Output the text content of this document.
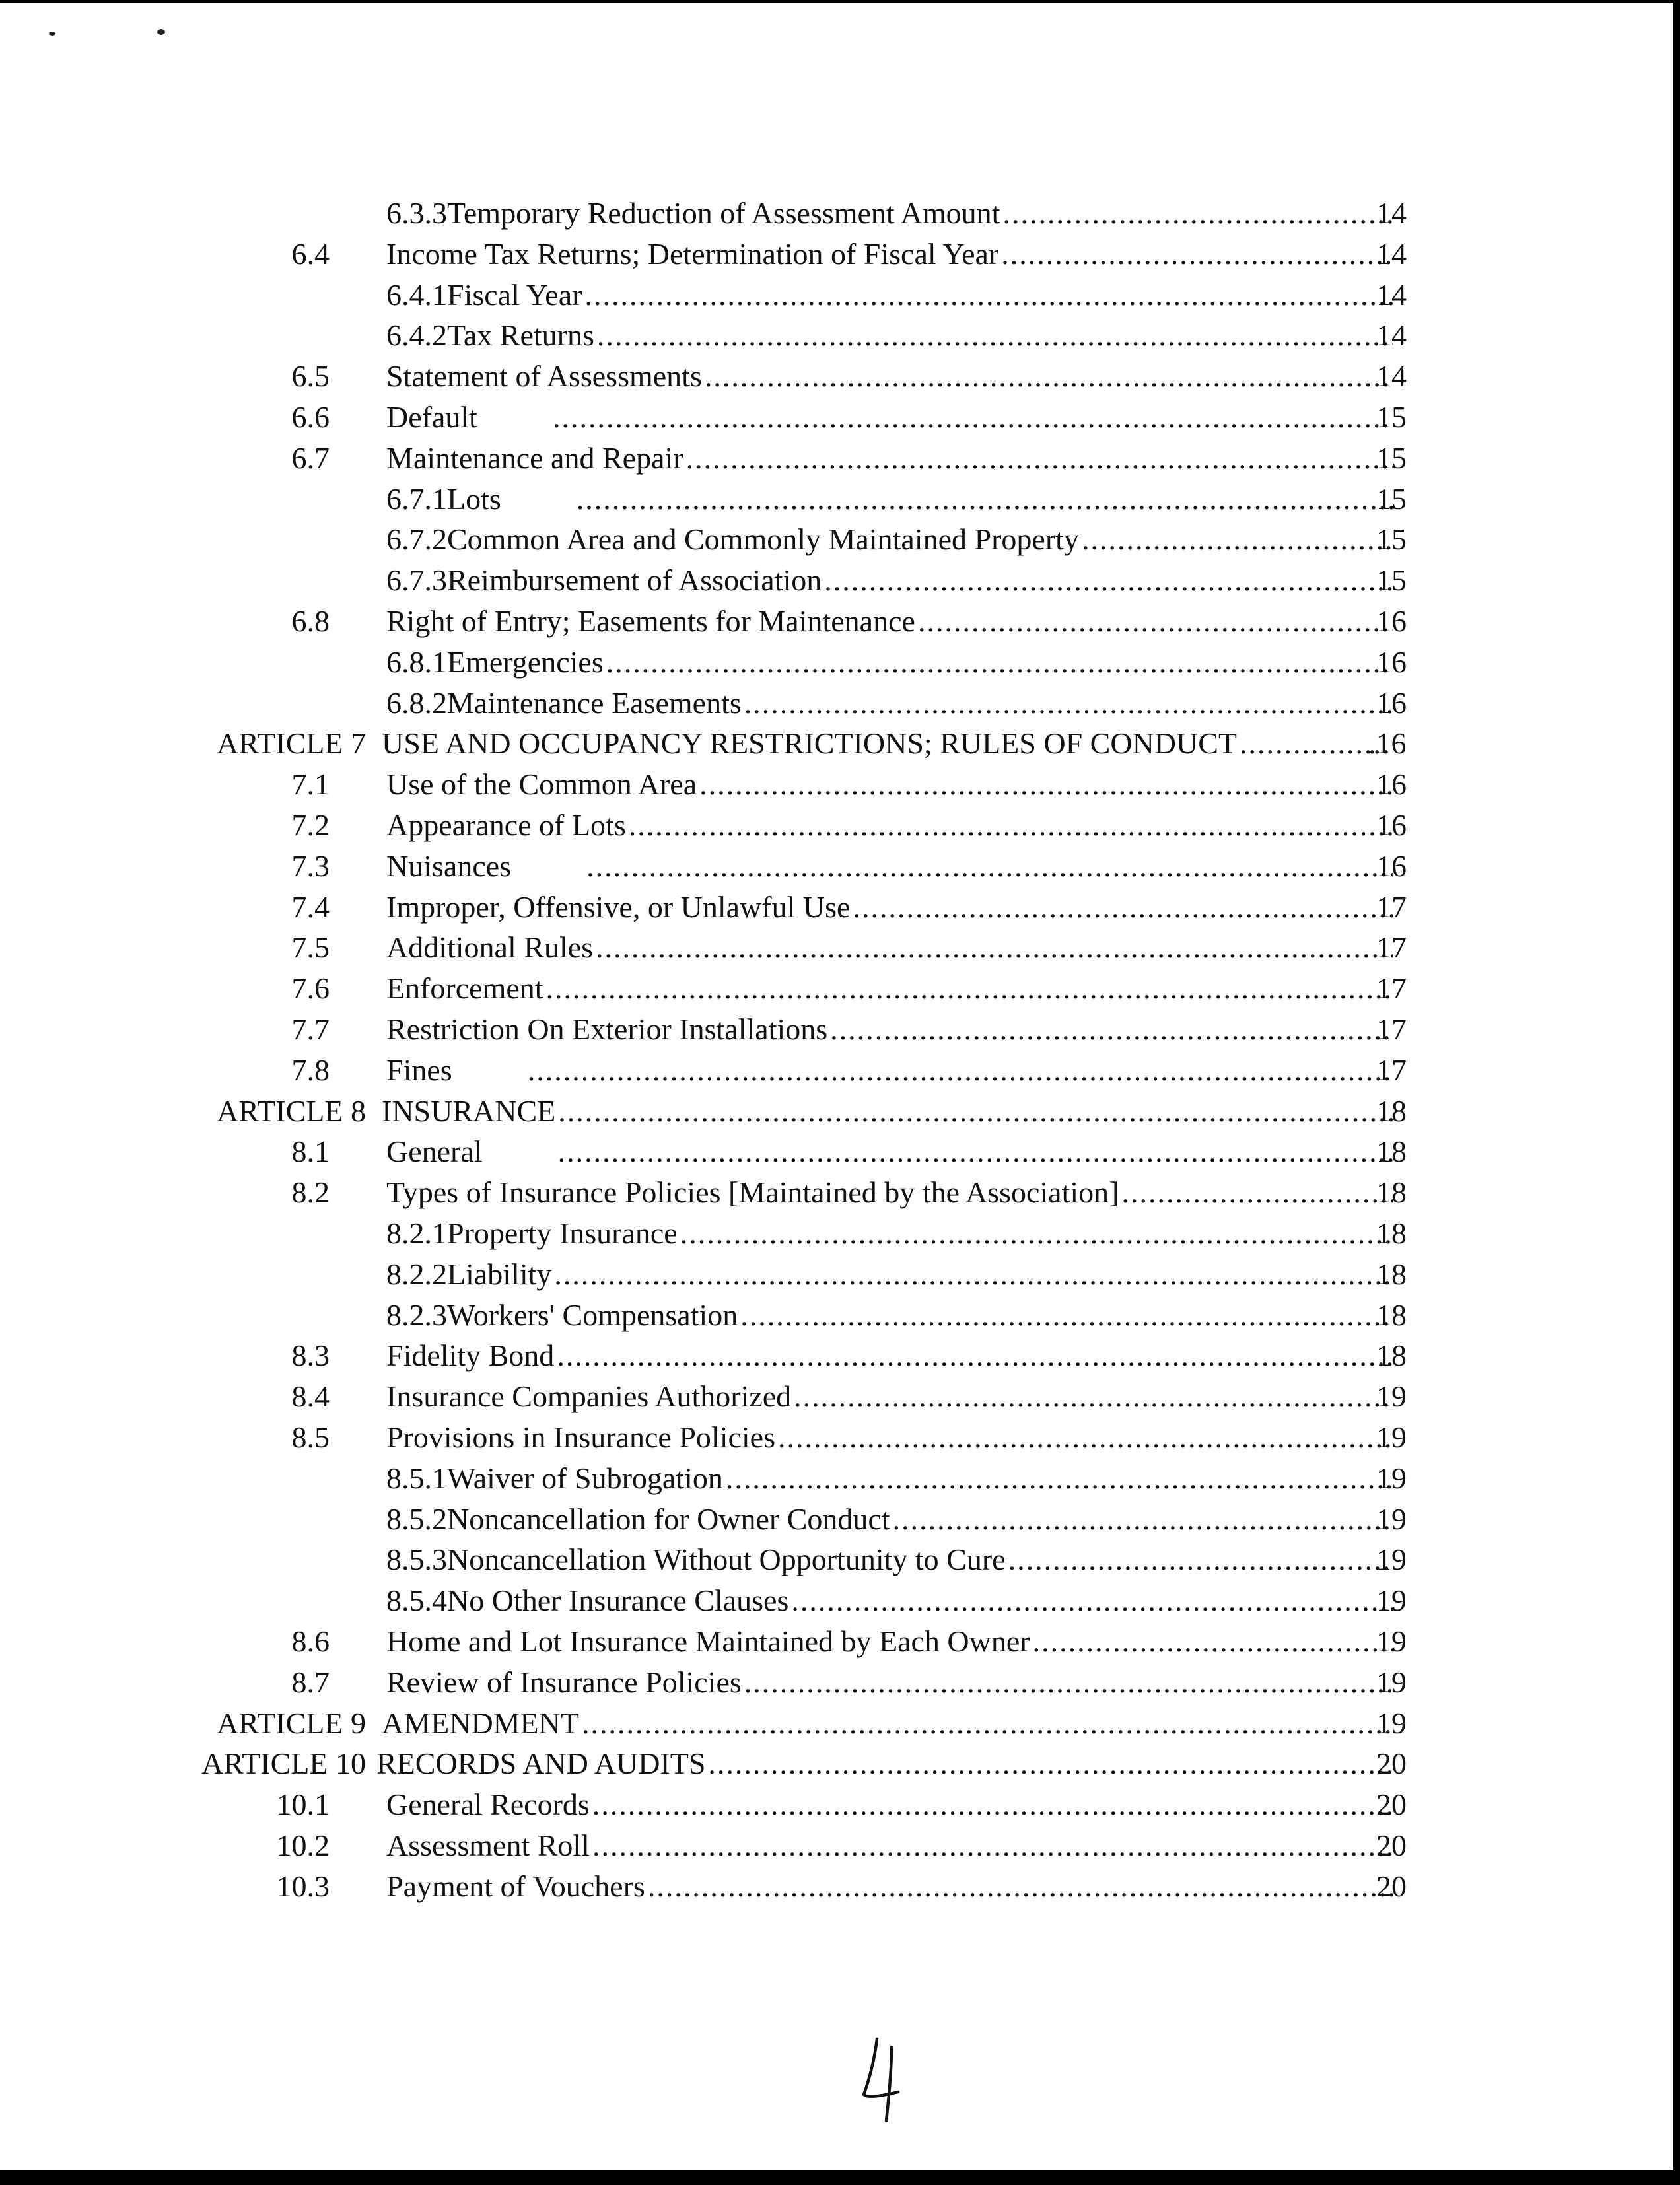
6.3.3 Temporary Reduction of Assessment Amount .....	14
6.4 Income Tax Returns; Determination of Fiscal Year .....	14
6.4.1 Fiscal Year .....	14
6.4.2 Tax Returns .....	14
6.5 Statement of Assessments .....	14
6.6 Default .....	15
6.7 Maintenance and Repair .....	15
6.7.1 Lots .....	15
6.7.2 Common Area and Commonly Maintained Property .....	15
6.7.3 Reimbursement of Association .....	15
6.8 Right of Entry; Easements for Maintenance .....	16
6.8.1 Emergencies .....	16
6.8.2 Maintenance Easements .....	16
ARTICLE 7 USE AND OCCUPANCY RESTRICTIONS; RULES OF CONDUCT .....	.16
7.1 Use of the Common Area .....	16
7.2 Appearance of Lots .....	16
7.3 Nuisances .....	16
7.4 Improper, Offensive, or Unlawful Use .....	17
7.5 Additional Rules .....	17
7.6 Enforcement .....	17
7.7 Restriction On Exterior Installations .....	17
7.8 Fines .....	17
ARTICLE 8 INSURANCE .....	18
8.1 General .....	18
8.2 Types of Insurance Policies [Maintained by the Association] .....	18
8.2.1 Property Insurance .....	18
8.2.2 Liability .....	18
8.2.3 Workers' Compensation .....	18
8.3 Fidelity Bond .....	18
8.4 Insurance Companies Authorized .....	19
8.5 Provisions in Insurance Policies .....	19
8.5.1 Waiver of Subrogation .....	19
8.5.2 Noncancellation for Owner Conduct .....	19
8.5.3 Noncancellation Without Opportunity to Cure .....	19
8.5.4 No Other Insurance Clauses .....	19
8.6 Home and Lot Insurance Maintained by Each Owner .....	19
8.7 Review of Insurance Policies .....	19
ARTICLE 9 AMENDMENT .....	19
ARTICLE 10 RECORDS AND AUDITS .....	20
10.1 General Records .....	20
10.2 Assessment Roll .....	20
10.3 Payment of Vouchers .....	20
